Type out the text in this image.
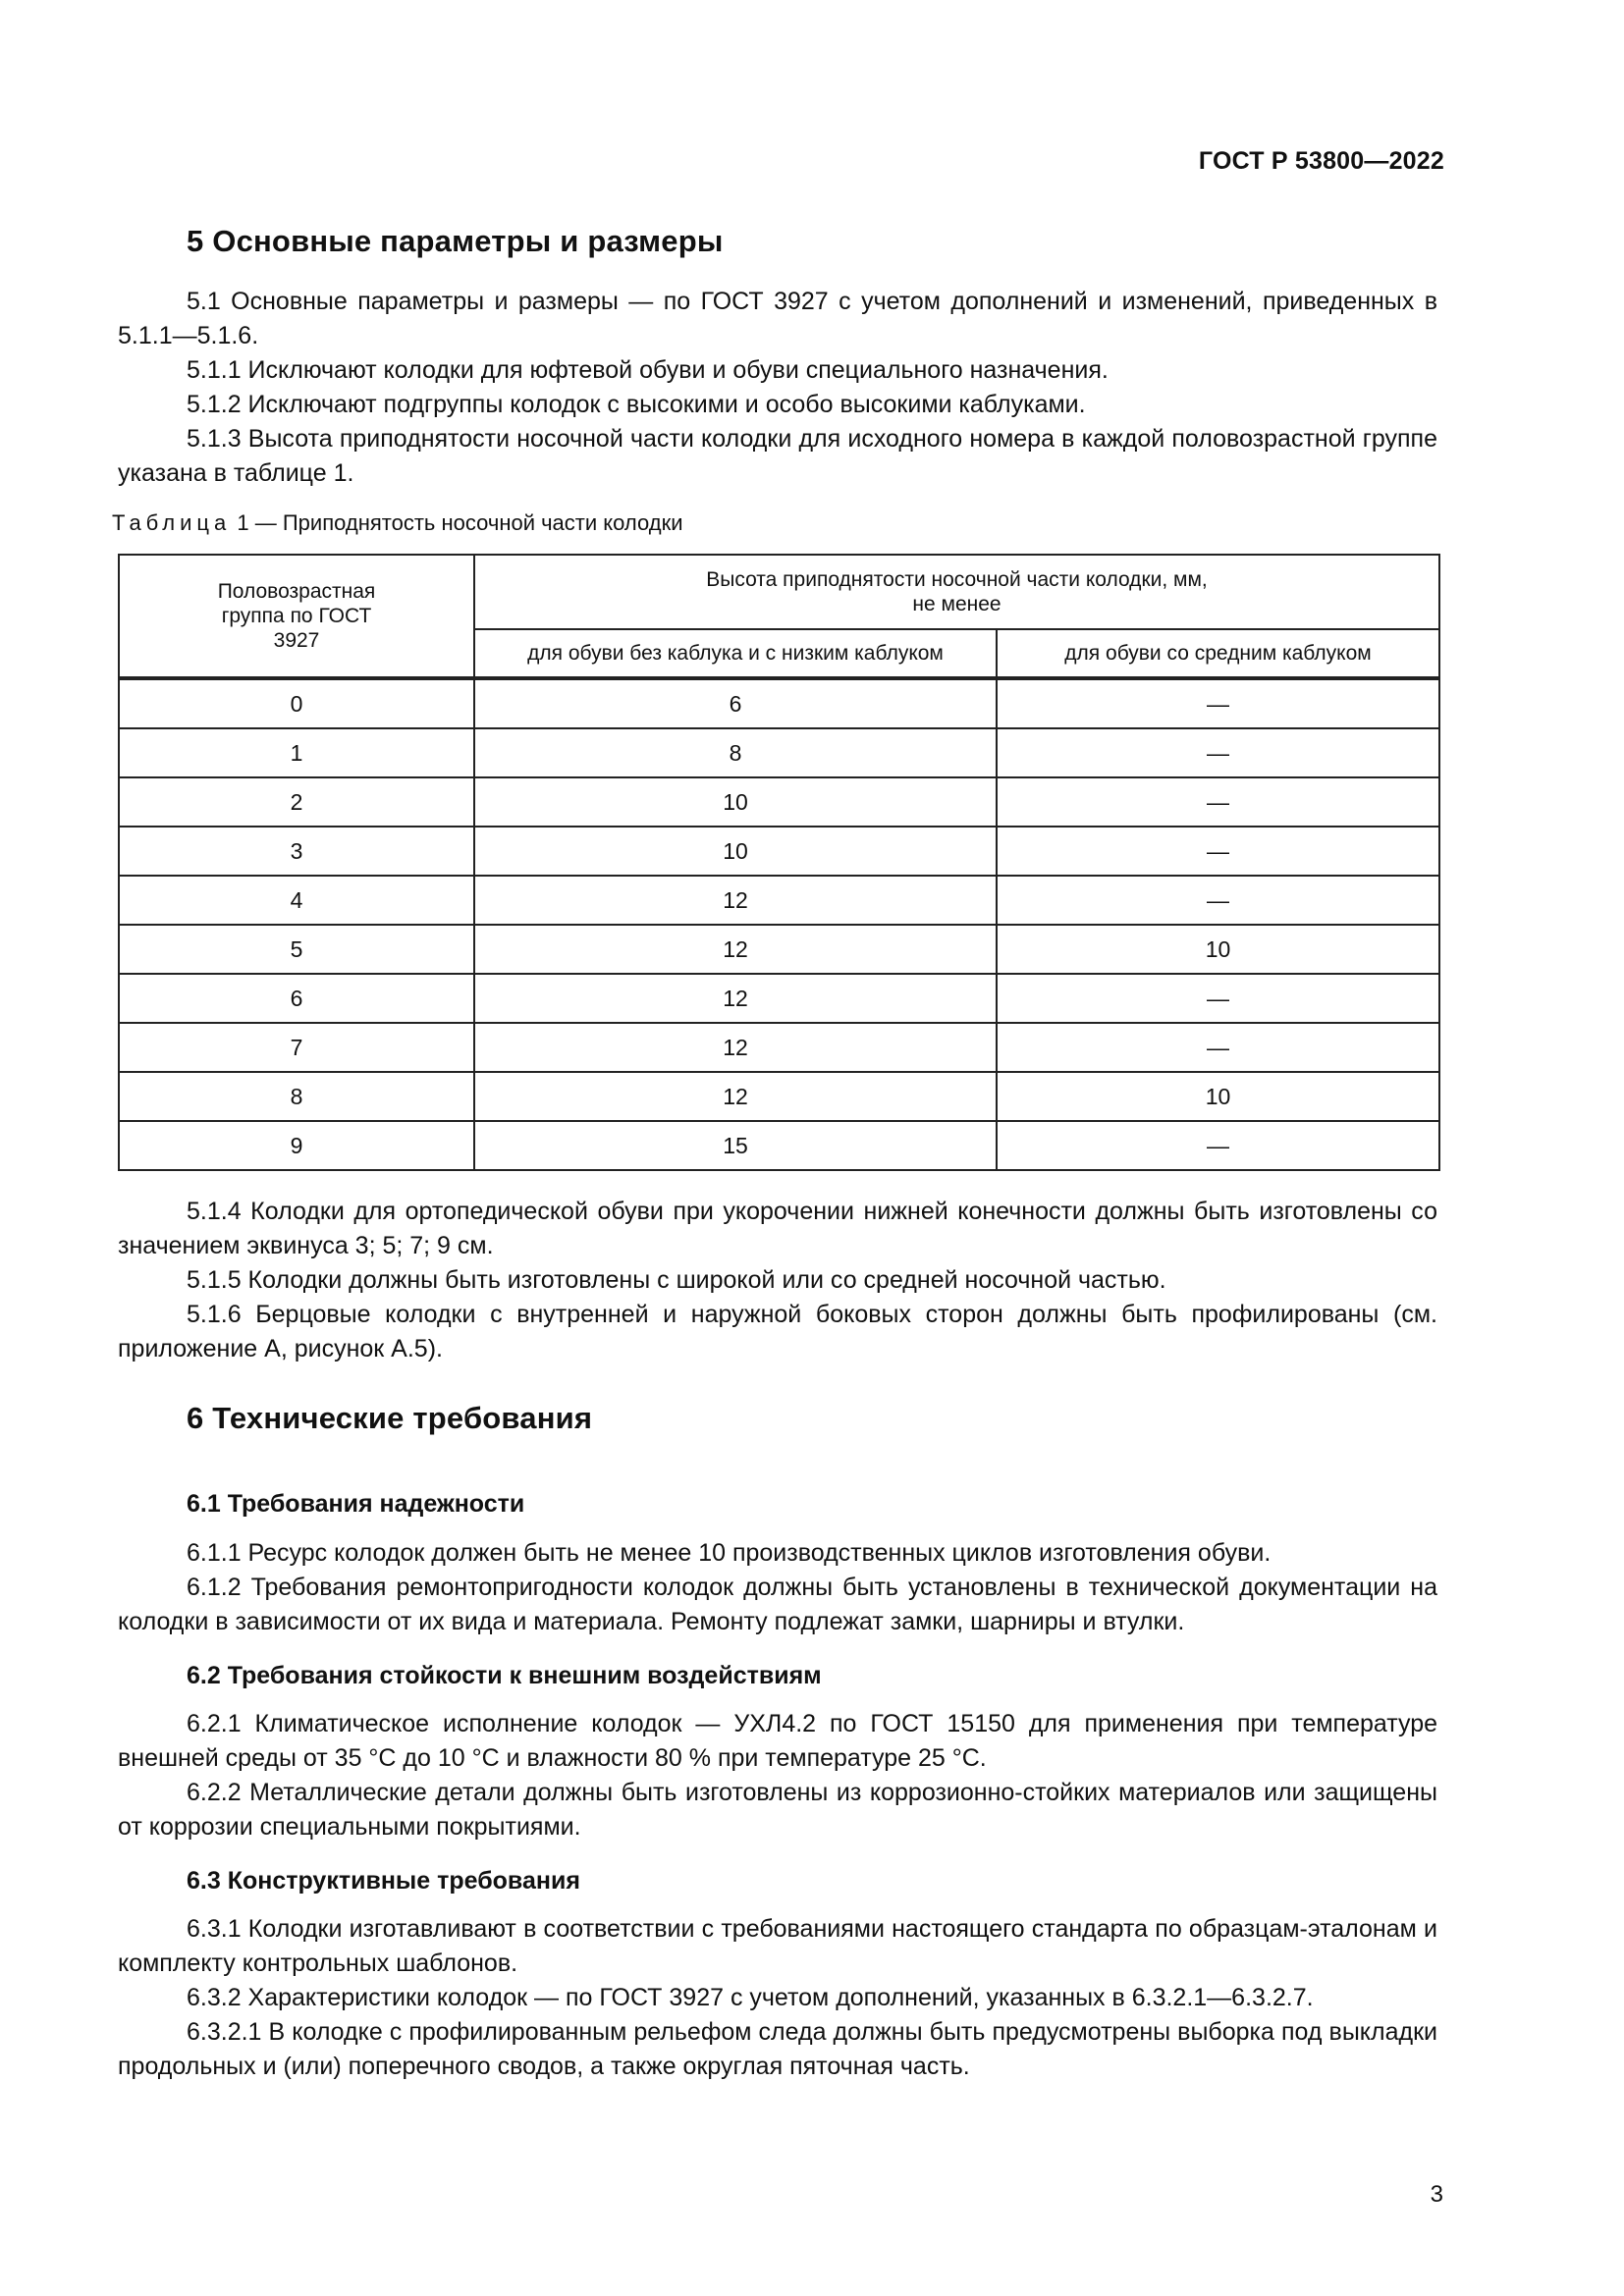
ГОСТ Р 53800—2022
5 Основные параметры и размеры

5.1 Основные параметры и размеры — по ГОСТ 3927 с учетом дополнений и изменений, приведенных в 5.1.1—5.1.6.

5.1.1 Исключают колодки для юфтевой обуви и обуви специального назначения.

5.1.2 Исключают подгруппы колодок с высокими и особо высокими каблуками.

5.1.3 Высота приподнятости носочной части колодки для исходного номера в каждой половозрастной группе указана в таблице 1.

Таблица 1 — Приподнятость носочной части колодки
Половозрастная группа по ГОСТ 3927	Высота приподнятости носочной части колодки, мм, не менее	

	для обуви без каблука и с низким каблуком	для обуви со средним каблуком
0	6	—
1	8	—
2	10	—
3	10	—
4	12	—
5	12	10
6	12	—
7	12	—
8	12	10
9	15	—

5.1.4 Колодки для ортопедической обуви при укорочении нижней конечности должны быть изготовлены со значением эквинуса 3; 5; 7; 9 см.

5.1.5 Колодки должны быть изготовлены с широкой или со средней носочной частью.

5.1.6 Берцовые колодки с внутренней и наружной боковых сторон должны быть профилированы (см. приложение А, рисунок А.5).

6 Технические требования
6.1 Требования надежности

6.1.1 Ресурс колодок должен быть не менее 10 производственных циклов изготовления обуви.

6.1.2 Требования ремонтопригодности колодок должны быть установлены в технической документации на колодки в зависимости от их вида и материала. Ремонту подлежат замки, шарниры и втулки.

6.2 Требования стойкости к внешним воздействиям

6.2.1 Климатическое исполнение колодок — УХЛ4.2 по ГОСТ 15150 для применения при температуре внешней среды от 35 °С до 10 °С и влажности 80 % при температуре 25 °С.

6.2.2 Металлические детали должны быть изготовлены из коррозионно-стойких материалов или защищены от коррозии специальными покрытиями.

6.3 Конструктивные требования

6.3.1 Колодки изготавливают в соответствии с требованиями настоящего стандарта по образцам-эталонам и комплекту контрольных шаблонов.

6.3.2 Характеристики колодок — по ГОСТ 3927 с учетом дополнений, указанных в 6.3.2.1—6.3.2.7.

6.3.2.1 В колодке с профилированным рельефом следа должны быть предусмотрены выборка под выкладки продольных и (или) поперечного сводов, а также округлая пяточная часть.

3
